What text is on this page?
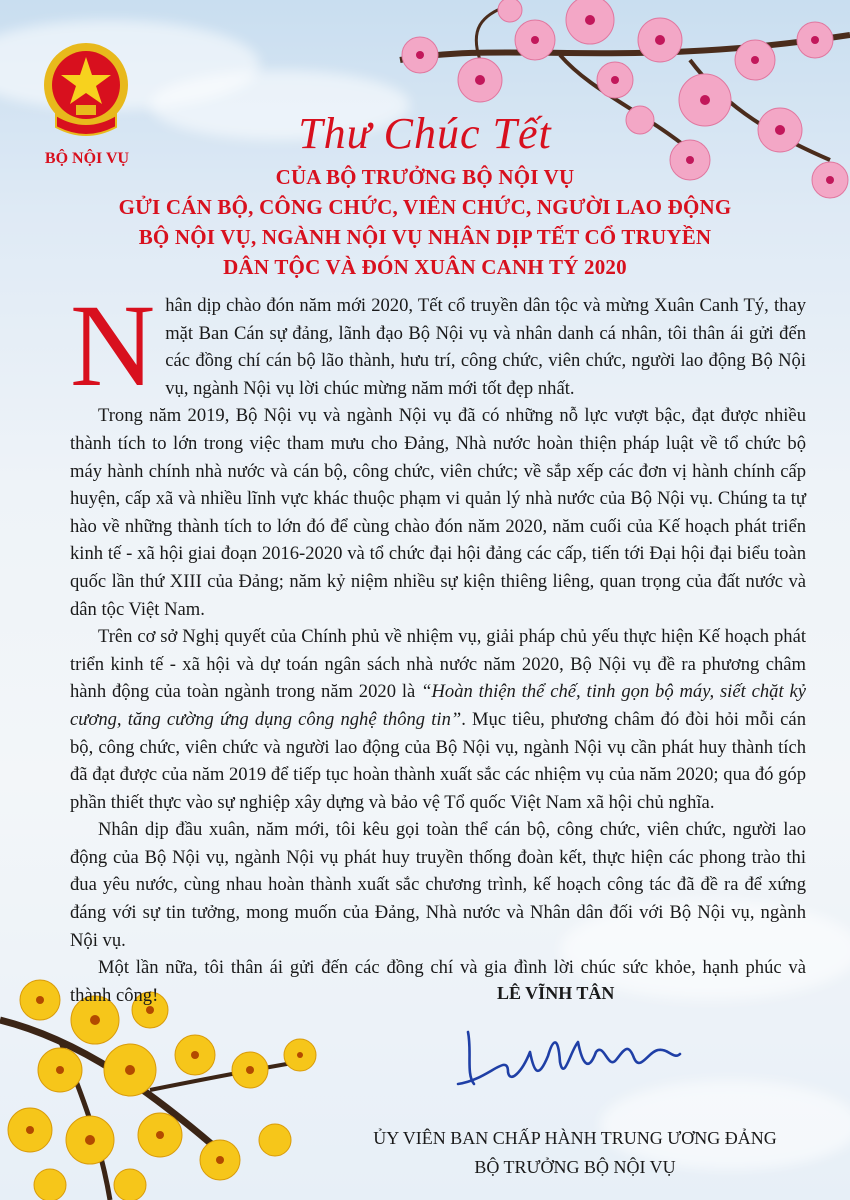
BỘ NỘI VỤ
Thư Chúc Tết
CỦA BỘ TRƯỞNG BỘ NỘI VỤ
GỬI CÁN BỘ, CÔNG CHỨC, VIÊN CHỨC, NGƯỜI LAO ĐỘNG
BỘ NỘI VỤ, NGÀNH NỘI VỤ NHÂN DỊP TẾT CỔ TRUYỀN
DÂN TỘC VÀ ĐÓN XUÂN CANH TÝ 2020

Nhân dịp chào đón năm mới 2020, Tết cổ truyền dân tộc và mừng Xuân Canh Tý, thay mặt Ban Cán sự đảng, lãnh đạo Bộ Nội vụ và nhân danh cá nhân, tôi thân ái gửi đến các đồng chí cán bộ lão thành, hưu trí, công chức, viên chức, người lao động Bộ Nội vụ, ngành Nội vụ lời chúc mừng năm mới tốt đẹp nhất.

Trong năm 2019, Bộ Nội vụ và ngành Nội vụ đã có những nỗ lực vượt bậc, đạt được nhiều thành tích to lớn trong việc tham mưu cho Đảng, Nhà nước hoàn thiện pháp luật về tổ chức bộ máy hành chính nhà nước và cán bộ, công chức, viên chức; về sắp xếp các đơn vị hành chính cấp huyện, cấp xã và nhiều lĩnh vực khác thuộc phạm vi quản lý nhà nước của Bộ Nội vụ. Chúng ta tự hào về những thành tích to lớn đó để cùng chào đón năm 2020, năm cuối của Kế hoạch phát triển kinh tế - xã hội giai đoạn 2016-2020 và tổ chức đại hội đảng các cấp, tiến tới Đại hội đại biểu toàn quốc lần thứ XIII của Đảng; năm kỷ niệm nhiều sự kiện thiêng liêng, quan trọng của đất nước và dân tộc Việt Nam.

Trên cơ sở Nghị quyết của Chính phủ về nhiệm vụ, giải pháp chủ yếu thực hiện Kế hoạch phát triển kinh tế - xã hội và dự toán ngân sách nhà nước năm 2020, Bộ Nội vụ đề ra phương châm hành động của toàn ngành trong năm 2020 là “Hoàn thiện thể chế, tinh gọn bộ máy, siết chặt kỷ cương, tăng cường ứng dụng công nghệ thông tin”. Mục tiêu, phương châm đó đòi hỏi mỗi cán bộ, công chức, viên chức và người lao động của Bộ Nội vụ, ngành Nội vụ cần phát huy thành tích đã đạt được của năm 2019 để tiếp tục hoàn thành xuất sắc các nhiệm vụ của năm 2020; qua đó góp phần thiết thực vào sự nghiệp xây dựng và bảo vệ Tổ quốc Việt Nam xã hội chủ nghĩa.

Nhân dịp đầu xuân, năm mới, tôi kêu gọi toàn thể cán bộ, công chức, viên chức, người lao động của Bộ Nội vụ, ngành Nội vụ phát huy truyền thống đoàn kết, thực hiện các phong trào thi đua yêu nước, cùng nhau hoàn thành xuất sắc chương trình, kế hoạch công tác đã đề ra để xứng đáng với sự tin tưởng, mong muốn của Đảng, Nhà nước và Nhân dân đối với Bộ Nội vụ, ngành Nội vụ.

Một lần nữa, tôi thân ái gửi đến các đồng chí và gia đình lời chúc sức khỏe, hạnh phúc và thành công!	LÊ VĨNH TÂN
ỦY VIÊN BAN CHẤP HÀNH TRUNG ƯƠNG ĐẢNG
BỘ TRƯỞNG BỘ NỘI VỤ
